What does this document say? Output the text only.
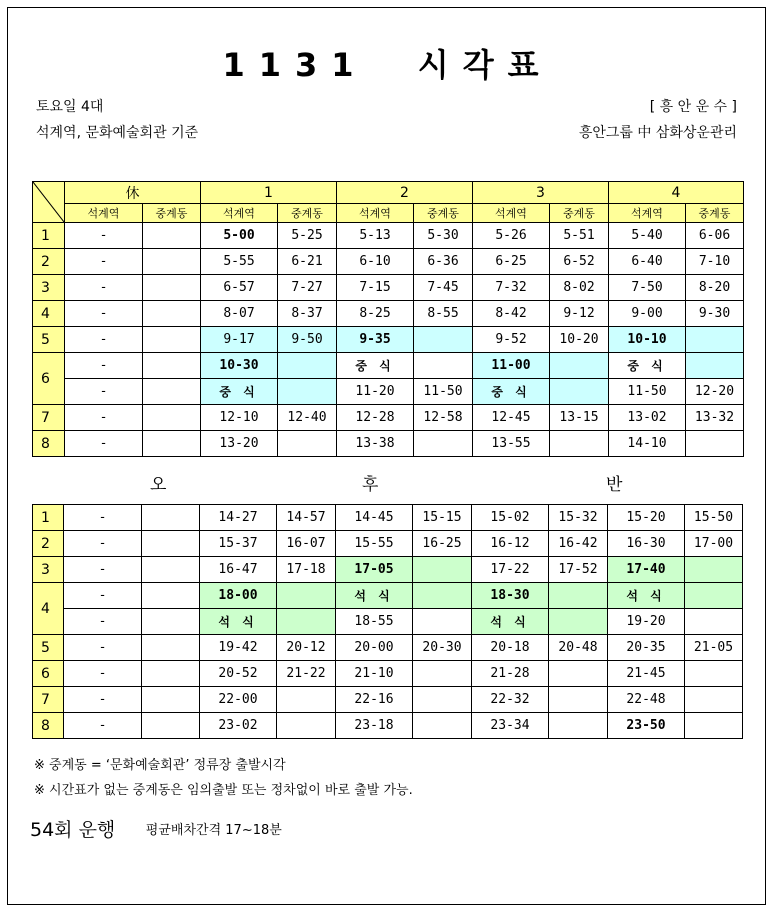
1131  시각표
토요일 4대
석계역, 문화예술회관 기준
[ 흥 안 운 수 ]
흥안그룹 中 삼화상운관리
	休		1		2		3		4	
	석계역	중계동	석계역	중계동	석계역	중계동	석계역	중계동	석계역	중계동
1	-		5-00	5-25	5-13	5-30	5-26	5-51	5-40	6-06
2	-		5-55	6-21	6-10	6-36	6-25	6-52	6-40	7-10
3	-		6-57	7-27	7-15	7-45	7-32	8-02	7-50	8-20
4	-		8-07	8-37	8-25	8-55	8-42	9-12	9-00	9-30
5	-		9-17	9-50	9-35		9-52	10-20	10-10	
6	-		10-30		중 식		11-00		중 식	
	-		중 식		11-20	11-50	중 식		11-50	12-20
7	-		12-10	12-40	12-28	12-58	12-45	13-15	13-02	13-32
8	-		13-20		13-38		13-55		14-10	
오	후	반
1	-		14-27	14-57	14-45	15-15	15-02	15-32	15-20	15-50
2	-		15-37	16-07	15-55	16-25	16-12	16-42	16-30	17-00
3	-		16-47	17-18	17-05		17-22	17-52	17-40	
4	-		18-00		석 식		18-30		석 식	
	-		석 식		18-55		석 식		19-20	
5	-		19-42	20-12	20-00	20-30	20-18	20-48	20-35	21-05
6	-		20-52	21-22	21-10		21-28		21-45	
7	-		22-00		22-16		22-32		22-48	
8	-		23-02		23-18		23-34		23-50	
※ 중계동 = ‘문화예술회관’ 정류장 출발시각
※ 시간표가 없는 중계동은 임의출발 또는 정차없이 바로 출발 가능.
54회 운행 평균배차간격 17~18분
